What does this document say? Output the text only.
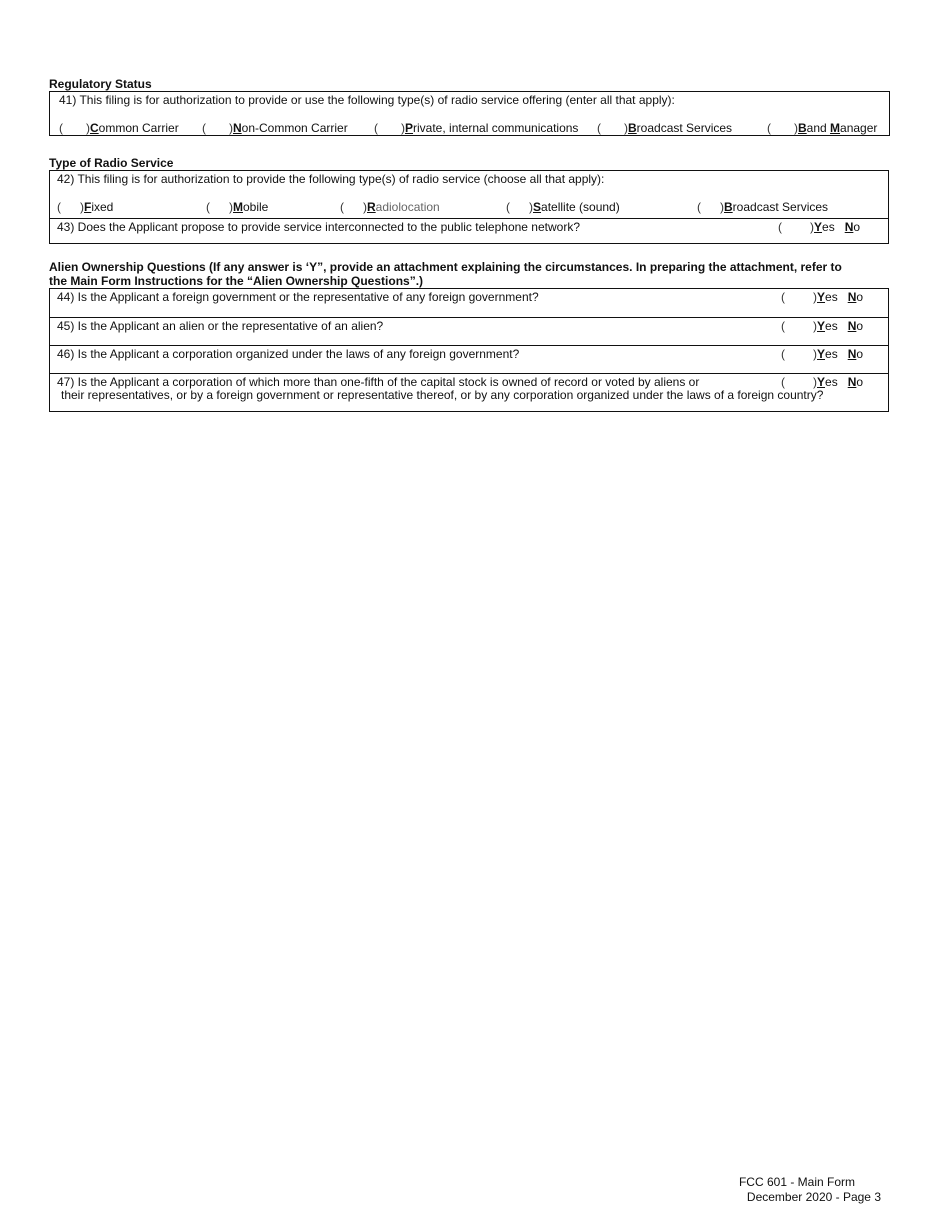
Regulatory Status
41) This filing is for authorization to provide or use the following type(s) of radio service offering (enter all that apply):
( )Common Carrier ( )Non-Common Carrier ( )Private, internal communications ( )Broadcast Services	( )Band Manager
Type of Radio Service
42) This filing is for authorization to provide the following type(s) of radio service (choose all that apply):
( )Fixed	( )Mobile	( )Radiolocation	( )Satellite (sound)	( )Broadcast Services
43) Does the Applicant propose to provide service interconnected to the public telephone network?	( )Yes No
Alien Ownership Questions (If any answer is ‘Y”, provide an attachment explaining the circumstances. In preparing the attachment, refer to
the Main Form Instructions for the “Alien Ownership Questions”.)
44) Is the Applicant a foreign government or the representative of any foreign government?	( )Yes No
45) Is the Applicant an alien or the representative of an alien?	( )Yes No
46) Is the Applicant a corporation organized under the laws of any foreign government?	( )Yes No
47) Is the Applicant a corporation of which more than one-fifth of the capital stock is owned of record or voted by aliens or
their representatives, or by a foreign government or representative thereof, or by any corporation organized under the laws of a foreign country?
( )Yes No
FCC 601 - Main Form
December 2020 - Page 3
